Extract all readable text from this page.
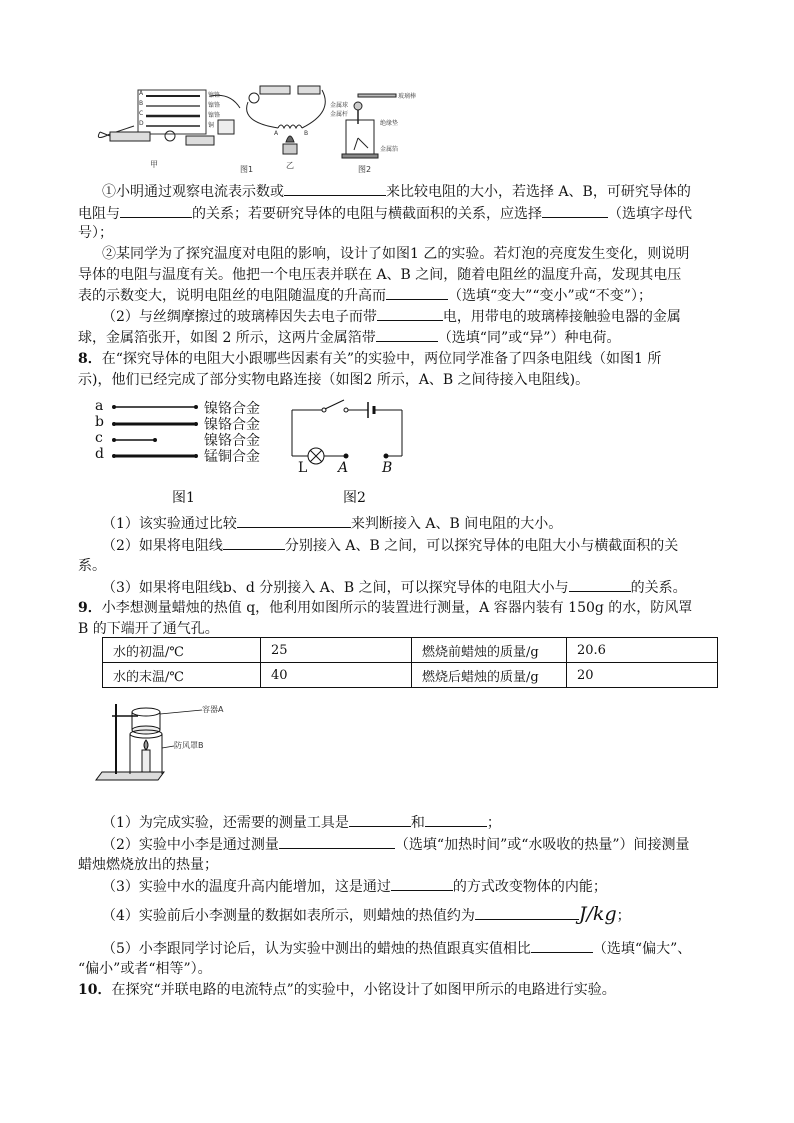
甲	乙
图1	图2
A
B
C
D
镍铬
镍铬
镍铬
铜
A	B
玻璃棒
金属球
金属杆
绝缘垫
金属箔
①小明通过观察电流表示数或	来比较电阻的大小，若选择 A、B，可研究导体的
电阻与	的关系；若要研究导体的电阻与横截面积的关系，应选择	（选填字母代
号）；
②某同学为了探究温度对电阻的影响，设计了如图1 乙的实验。若灯泡的亮度发生变化，则说明
导体的电阻与温度有关。他把一个电压表并联在 A、B 之间，随着电阻丝的温度升高，发现其电压
表的示数变大，说明电阻丝的电阻随温度的升高而	（选填“变大”“变小”或“不变”）；
（2）与丝绸摩擦过的玻璃棒因失去电子而带	电，用带电的玻璃棒接触验电器的金属
球，金属箔张开，如图 2 所示，这两片金属箔带	（选填“同”或“异”）种电荷。
8．在“探究导体的电阻大小跟哪些因素有关”的实验中，两位同学准备了四条电阻线（如图1 所
示)，他们已经完成了部分实物电路连接（如图2 所示，A、B 之间待接入电阻线)。
a
b
c
d
镍铬合金
镍铬合金
镍铬合金
锰铜合金
L A B
图1	图2
（1）该实验通过比较	来判断接入 A、B 间电阻的大小。
（2）如果将电阻线	分别接入 A、B 之间，可以探究导体的电阻大小与横截面积的关
系。
（3）如果将电阻线b、d 分别接入 A、B 之间，可以探究导体的电阻大小与	的关系。
9．小李想测量蜡烛的热值 q，他利用如图所示的装置进行测量，A 容器内装有 150g 的水，防风罩
B 的下端开了通气孔。
水的初温/℃	25	燃烧前蜡烛的质量/g	20.6
水的末温/℃	40	燃烧后蜡烛的质量/g	20
容器A
防风罩B
（1）为完成实验，还需要的测量工具是	和	；
（2）实验中小李是通过测量	（选填“加热时间”或“水吸收的热量”）间接测量
蜡烛燃烧放出的热量；
（3）实验中水的温度升高内能增加，这是通过	的方式改变物体的内能；
（4）实验前后小李测量的数据如表所示，则蜡烛的热值约为	J/kg；
（5）小李跟同学讨论后，认为实验中测出的蜡烛的热值跟真实值相比	（选填“偏大”、
“偏小”或者“相等”）。
10．在探究“并联电路的电流特点”的实验中，小铭设计了如图甲所示的电路进行实验。
